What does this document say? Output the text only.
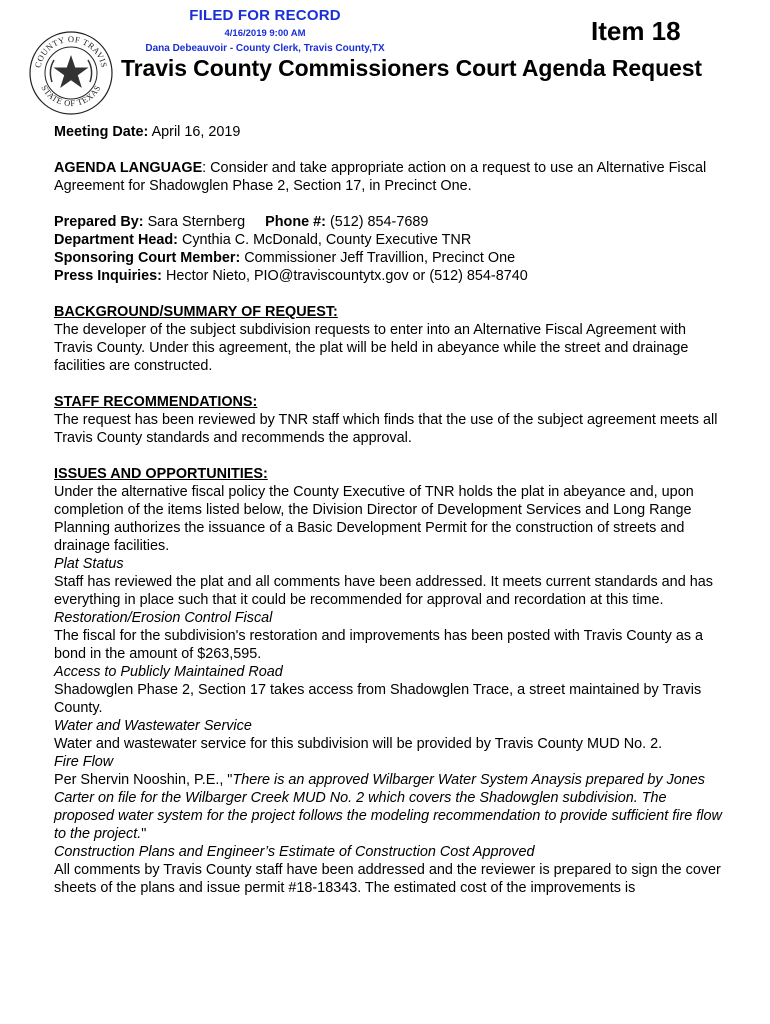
FILED FOR RECORD
4/16/2019 9:00 AM
Dana Debeauvoir - County Clerk, Travis County,TX
Item 18
COUNTY OF TRAVIS
STATE OF TEXAS
Travis County Commissioners Court Agenda Request

Meeting Date: April 16, 2019

AGENDA LANGUAGE: Consider and take appropriate action on a request to use an Alternative Fiscal Agreement for Shadowglen Phase 2, Section 17, in Precinct One.

Prepared By: Sara Sternberg Phone #: (512) 854-7689

Department Head: Cynthia C. McDonald, County Executive TNR

Sponsoring Court Member: Commissioner Jeff Travillion, Precinct One

Press Inquiries: Hector Nieto, PIO@traviscountytx.gov or (512) 854-8740

BACKGROUND/SUMMARY OF REQUEST:

The developer of the subject subdivision requests to enter into an Alternative Fiscal Agreement with Travis County. Under this agreement, the plat will be held in abeyance while the street and drainage facilities are constructed.

STAFF RECOMMENDATIONS:

The request has been reviewed by TNR staff which finds that the use of the subject agreement meets all Travis County standards and recommends the approval.

ISSUES AND OPPORTUNITIES:

Under the alternative fiscal policy the County Executive of TNR holds the plat in abeyance and, upon completion of the items listed below, the Division Director of Development Services and Long Range Planning authorizes the issuance of a Basic Development Permit for the construction of streets and drainage facilities.

Plat Status

Staff has reviewed the plat and all comments have been addressed. It meets current standards and has everything in place such that it could be recommended for approval and recordation at this time.

Restoration/Erosion Control Fiscal

The fiscal for the subdivision's restoration and improvements has been posted with Travis County as a bond in the amount of $263,595.

Access to Publicly Maintained Road

Shadowglen Phase 2, Section 17 takes access from Shadowglen Trace, a street maintained by Travis County.

Water and Wastewater Service

Water and wastewater service for this subdivision will be provided by Travis County MUD No. 2.

Fire Flow

Per Shervin Nooshin, P.E., "There is an approved Wilbarger Water System Anaysis prepared by Jones Carter on file for the Wilbarger Creek MUD No. 2 which covers the Shadowglen subdivision. The proposed water system for the project follows the modeling recommendation to provide sufficient fire flow to the project."

Construction Plans and Engineer’s Estimate of Construction Cost Approved

All comments by Travis County staff have been addressed and the reviewer is prepared to sign the cover sheets of the plans and issue permit #18-18343. The estimated cost of the improvements is
